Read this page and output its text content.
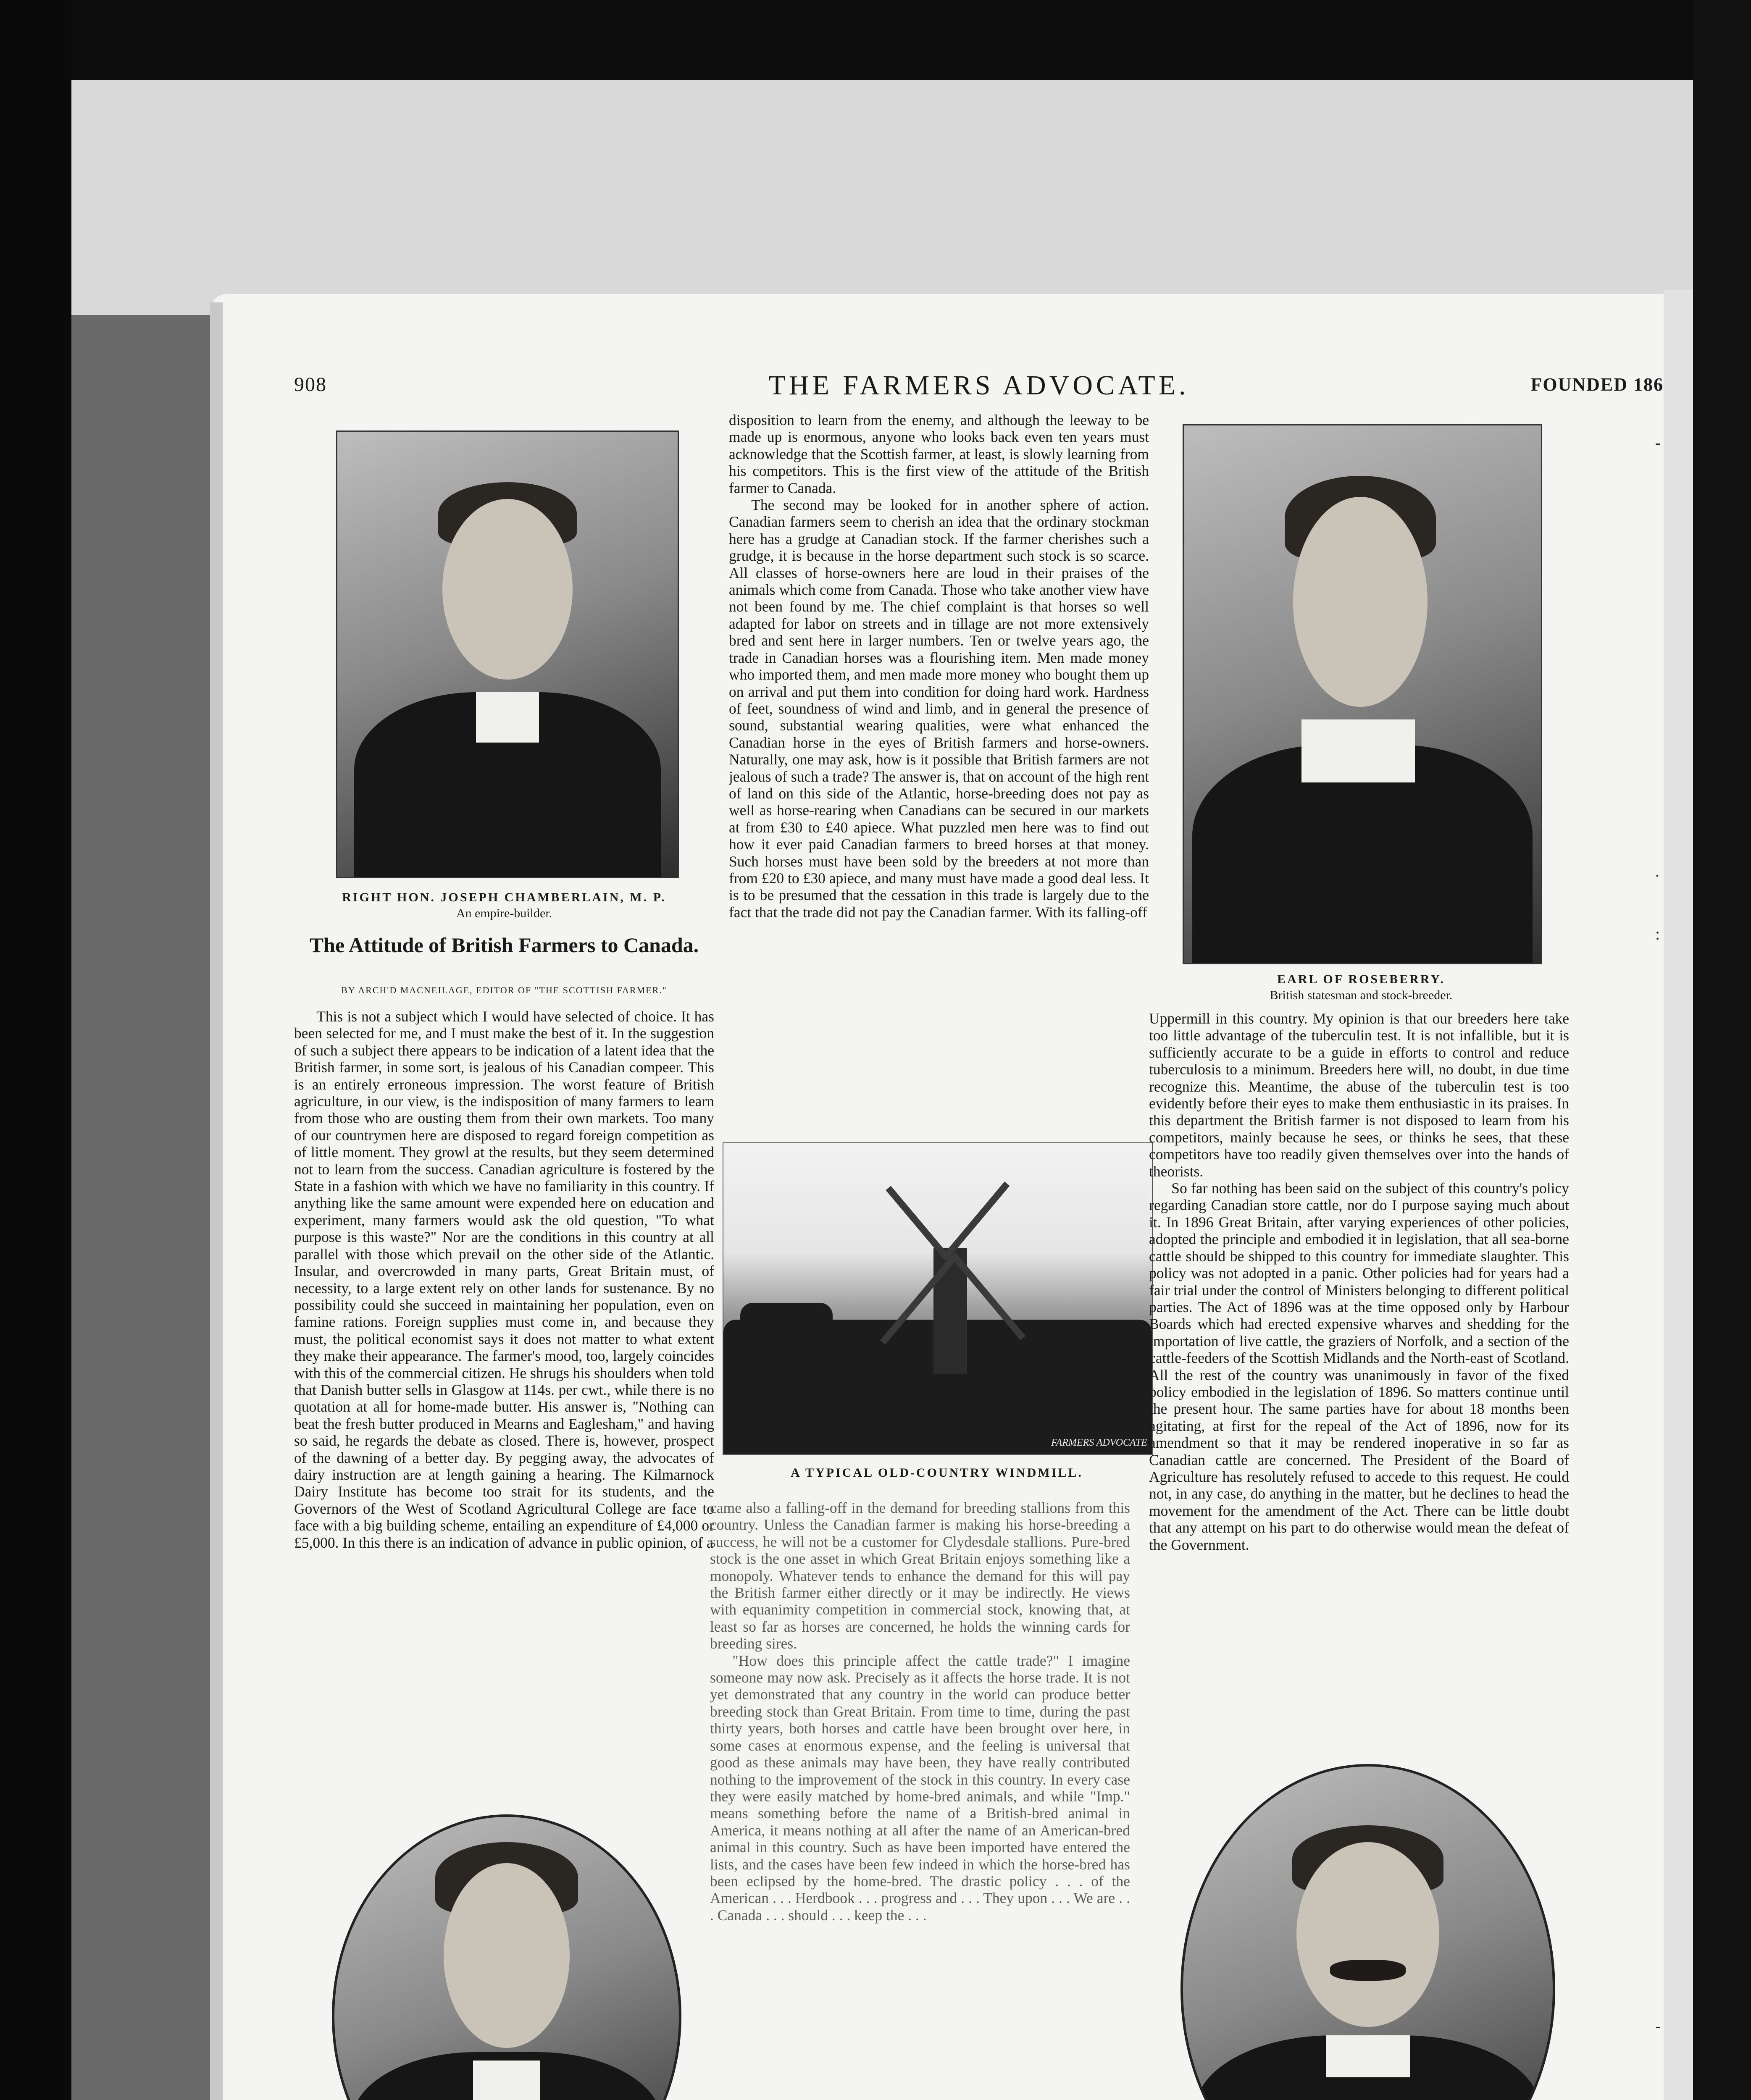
-
.
:
-
908	THE FARMERS ADVOCATE.	FOUNDED 186
RIGHT HON. JOSEPH CHAMBERLAIN, M. P.
An empire-builder.
The Attitude of British Farmers to Canada.
BY ARCH'D MACNEILAGE, EDITOR OF "THE SCOTTISH FARMER."

This is not a subject which I would have selected of choice. It has been selected for me, and I must make the best of it. In the suggestion of such a subject there appears to be indication of a latent idea that the British farmer, in some sort, is jealous of his Canadian compeer. This is an entirely erroneous impression. The worst feature of British agriculture, in our view, is the indisposition of many farmers to learn from those who are ousting them from their own markets. Too many of our countrymen here are disposed to regard foreign competition as of little moment. They growl at the results, but they seem determined not to learn from the success. Canadian agriculture is fostered by the State in a fashion with which we have no familiarity in this country. If anything like the same amount were expended here on education and experiment, many farmers would ask the old question, "To what purpose is this waste?" Nor are the conditions in this country at all parallel with those which prevail on the other side of the Atlantic. Insular, and overcrowded in many parts, Great Britain must, of necessity, to a large extent rely on other lands for sustenance. By no possibility could she succeed in maintaining her population, even on famine rations. Foreign supplies must come in, and because they must, the political economist says it does not matter to what extent they make their appearance. The farmer's mood, too, largely coincides with this of the commercial citizen. He shrugs his shoulders when told that Danish butter sells in Glasgow at 114s. per cwt., while there is no quotation at all for home-made butter. His answer is, "Nothing can beat the fresh butter produced in Mearns and Eaglesham," and having so said, he regards the debate as closed. There is, however, prospect of the dawning of a better day. By pegging away, the advocates of dairy instruction are at length gaining a hearing. The Kilmarnock Dairy Institute has become too strait for its students, and the Governors of the West of Scotland Agricultural College are face to face with a big building scheme, entailing an expenditure of £4,000 or £5,000. In this there is an indication of advance in public opinion, of a

disposition to learn from the enemy, and although the leeway to be made up is enormous, anyone who looks back even ten years must acknowledge that the Scottish farmer, at least, is slowly learning from his competitors. This is the first view of the attitude of the British farmer to Canada.

The second may be looked for in another sphere of action. Canadian farmers seem to cherish an idea that the ordinary stockman here has a grudge at Canadian stock. If the farmer cherishes such a grudge, it is because in the horse department such stock is so scarce. All classes of horse-owners here are loud in their praises of the animals which come from Canada. Those who take another view have not been found by me. The chief complaint is that horses so well adapted for labor on streets and in tillage are not more extensively bred and sent here in larger numbers. Ten or twelve years ago, the trade in Canadian horses was a flourishing item. Men made money who imported them, and men made more money who bought them up on arrival and put them into condition for doing hard work. Hardness of feet, soundness of wind and limb, and in general the presence of sound, substantial wearing qualities, were what enhanced the Canadian horse in the eyes of British farmers and horse-owners. Naturally, one may ask, how is it possible that British farmers are not jealous of such a trade? The answer is, that on account of the high rent of land on this side of the Atlantic, horse-breeding does not pay as well as horse-rearing when Canadians can be secured in our markets at from £30 to £40 apiece. What puzzled men here was to find out how it ever paid Canadian farmers to breed horses at that money. Such horses must have been sold by the breeders at not more than from £20 to £30 apiece, and many must have made a good deal less. It is to be presumed that the cessation in this trade is largely due to the fact that the trade did not pay the Canadian farmer. With its falling-off

FARMERS ADVOCATE
A TYPICAL OLD-COUNTRY WINDMILL.

came also a falling-off in the demand for breeding stallions from this country. Unless the Canadian farmer is making his horse-breeding a success, he will not be a customer for Clydesdale stallions. Pure-bred stock is the one asset in which Great Britain enjoys something like a monopoly. Whatever tends to enhance the demand for this will pay the British farmer either directly or it may be indirectly. He views with equanimity competition in commercial stock, knowing that, at least so far as horses are concerned, he holds the winning cards for breeding sires.

"How does this principle affect the cattle trade?" I imagine someone may now ask. Precisely as it affects the horse trade. It is not yet demonstrated that any country in the world can produce better breeding stock than Great Britain. From time to time, during the past thirty years, both horses and cattle have been brought over here, in some cases at enormous expense, and the feeling is universal that good as these animals may have been, they have really contributed nothing to the improvement of the stock in this country. In every case they were easily matched by home-bred animals, and while "Imp." means something before the name of a British-bred animal in America, it means nothing at all after the name of an American-bred animal in this country. Such as have been imported have entered the lists, and the cases have been few indeed in which the horse-bred has been eclipsed by the home-bred. The drastic policy . . . of the American . . . Herdbook . . . progress and . . . They upon . . . We are . . . Canada . . . should . . . keep the . . .

EARL OF ROSEBERRY.
British statesman and stock-breeder.

Uppermill in this country. My opinion is that our breeders here take too little advantage of the tuberculin test. It is not infallible, but it is sufficiently accurate to be a guide in efforts to control and reduce tuberculosis to a minimum. Breeders here will, no doubt, in due time recognize this. Meantime, the abuse of the tuberculin test is too evidently before their eyes to make them enthusiastic in its praises. In this department the British farmer is not disposed to learn from his competitors, mainly because he sees, or thinks he sees, that these competitors have too readily given themselves over into the hands of theorists.

So far nothing has been said on the subject of this country's policy regarding Canadian store cattle, nor do I purpose saying much about it. In 1896 Great Britain, after varying experiences of other policies, adopted the principle and embodied it in legislation, that all sea-borne cattle should be shipped to this country for immediate slaughter. This policy was not adopted in a panic. Other policies had for years had a fair trial under the control of Ministers belonging to different political parties. The Act of 1896 was at the time opposed only by Harbour Boards which had erected expensive wharves and shedding for the importation of live cattle, the graziers of Norfolk, and a section of the cattle-feeders of the Scottish Midlands and the North-east of Scotland. All the rest of the country was unanimously in favor of the fixed policy embodied in the legislation of 1896. So matters continue until the present hour. The same parties have for about 18 months been agitating, at first for the repeal of the Act of 1896, now for its amendment so that it may be rendered inoperative in so far as Canadian cattle are concerned. The President of the Board of Agriculture has resolutely refused to accede to this request. He could not, in any case, do anything in the matter, but he declines to head the movement for the amendment of the Act. There can be little doubt that any attempt on his part to do otherwise would mean the defeat of the Government.
